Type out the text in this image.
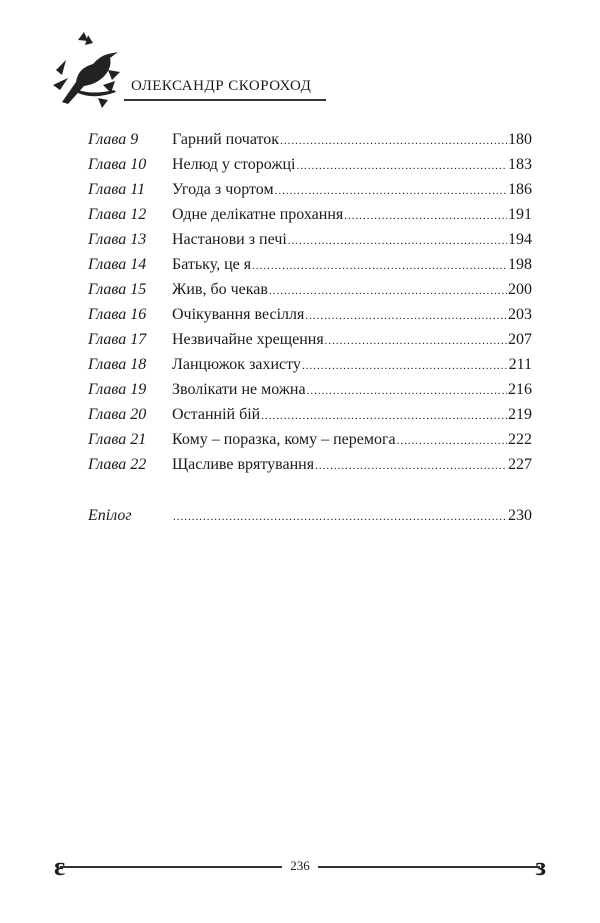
ОЛЕКСАНДР СКОРОХОД
Глава 9	Гарний початок .....	180
Глава 10	Нелюд у сторожці .....	183
Глава 11	Угода з чортом .....	186
Глава 12	Одне делікатне прохання .....	191
Глава 13	Настанови з печі .....	194
Глава 14	Батьку, це я .....	198
Глава 15	Жив, бо чекав .....	200
Глава 16	Очікування весілля .....	203
Глава 17	Незвичайне хрещення .....	207
Глава 18	Ланцюжок захисту .....	211
Глава 19	Зволікати не можна .....	216
Глава 20	Останній бій .....	219
Глава 21	Кому – поразка, кому – перемога .....	222
Глава 22	Щасливе врятування .....	227
Епілог .....	230
ɛ	з
236
